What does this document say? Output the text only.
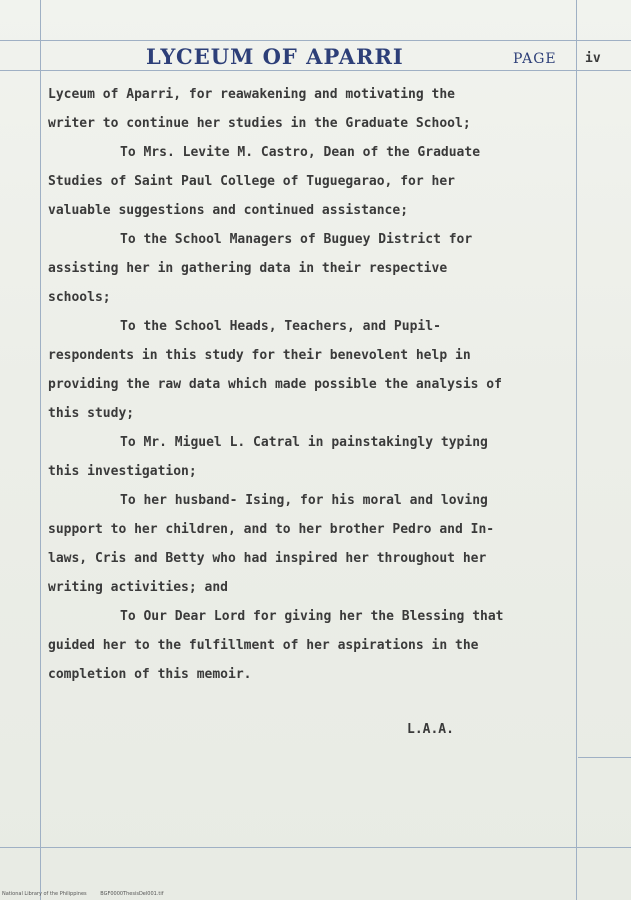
LYCEUM OF APARRI	PAGE iv
Lyceum of Aparri, for reawakening and motivating the
writer to continue her studies in the Graduate School;
To Mrs. Levite M. Castro, Dean of the Graduate
Studies of Saint Paul College of Tuguegarao, for her
valuable suggestions and continued assistance;
To the School Managers of Buguey District for
assisting her in gathering data in their respective
schools;
To the School Heads, Teachers, and Pupil-
respondents in this study for their benevolent help in
providing the raw data which made possible the analysis of
this study;
To Mr. Miguel L. Catral in painstakingly typing
this investigation;
To her husband- Ising, for his moral and loving
support to her children, and to her brother Pedro and In-
laws, Cris and Betty who had inspired her throughout her
writing activities; and
To Our Dear Lord for giving her the Blessing that
guided her to the fulfillment of her aspirations in the
completion of this memoir.
L.A.A.
National Library of the Philippines	BGF0000ThesisDel001.tif
